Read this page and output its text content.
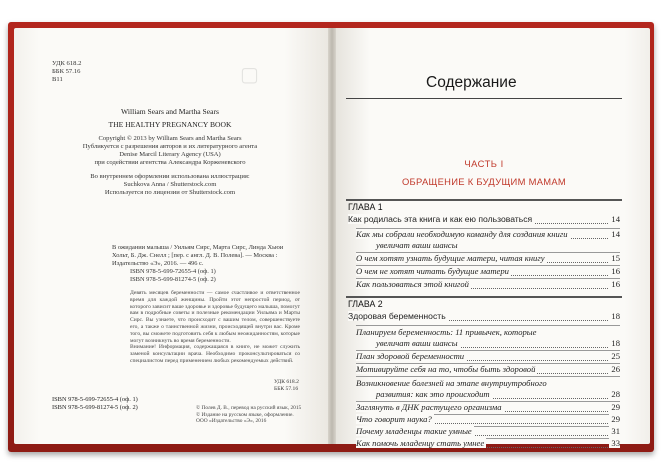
▢
УДК 618.2
ББК 57.16
В11
William Sears and Martha Sears
THE HEALTHY PREGNANCY BOOK
Copyright © 2013 by William Sears and Martha Sears
Публикуется с разрешения авторов и их литературного агента
Denise Marcil Literary Agency (USA)
при содействии агентства Александра Корженевского
Во внутреннем оформлении использована иллюстрация:
Suchkova Anna / Shutterstock.com
Используется по лицензии от Shutterstock.com
В ожидании малыша / Уильям Сирс, Марта Сирс, Линда Хьюи
Хольт, Б. Дж. Снелл ; [пер. с англ. Д. В. Полева]. — Москва :
Издательство «Э», 2016. — 496 с.
ISBN 978-5-699-72655-4 (оф. 1)
ISBN 978-5-699-81274-5 (оф. 2)
Девять месяцев беременности — самое счастливое и ответственное время для каждой женщины. Пройти этот непростой период, от которого зависит ваше здоровье и здоровье будущего малыша, помогут вам в подробные советы и полезные рекомендации Уильяма и Марты Сирс. Вы узнаете, что происходит с вашим телом, совершенствуете его, а также о таинственной жизни, происходящей внутри вас. Кроме того, вы сможете подготовить себя к любым неожиданностям, которые могут возникнуть во время беременности.
Внимание! Информация, содержащаяся в книге, не может служить заменой консультации врача. Необходимо проконсультироваться со специалистом перед применением любых рекомендуемых действий.
УДК 618.2
ББК 57.16
ISBN 978-5-699-72655-4 (оф. 1)
ISBN 978-5-699-81274-5 (оф. 2)	© Полев Д. В., перевод на русский язык, 2015
© Издание на русском языке, оформление.
ООО «Издательство «Э», 2016
Содержание
ЧАСТЬ I
ОБРАЩЕНИЕ К БУДУЩИМ МАМАМ
ГЛАВА 1
Как родилась эта книга и как ею пользоваться	14
Как мы собрали необходимую команду для создания книги	14
увеличат ваши шансы
О чем хотят узнать будущие матери, читая книгу	15
О чем не хотят читать будущие матери	16
Как пользоваться этой книгой	16
ГЛАВА 2
Здоровая беременность	18
Планируем беременность: 11 привычек, которые
увеличат ваши шансы	18
План здоровой беременности	25
Мотивируйте себя на то, чтобы быть здоровой	26
Возникновение болезней на этапе внутриутробного
развития: как это происходит	28
Заглянуть в ДНК растущего организма	29
Что говорит наука?	29
Почему младенцы такие умные	31
Как помочь младенцу стать умнее	33
